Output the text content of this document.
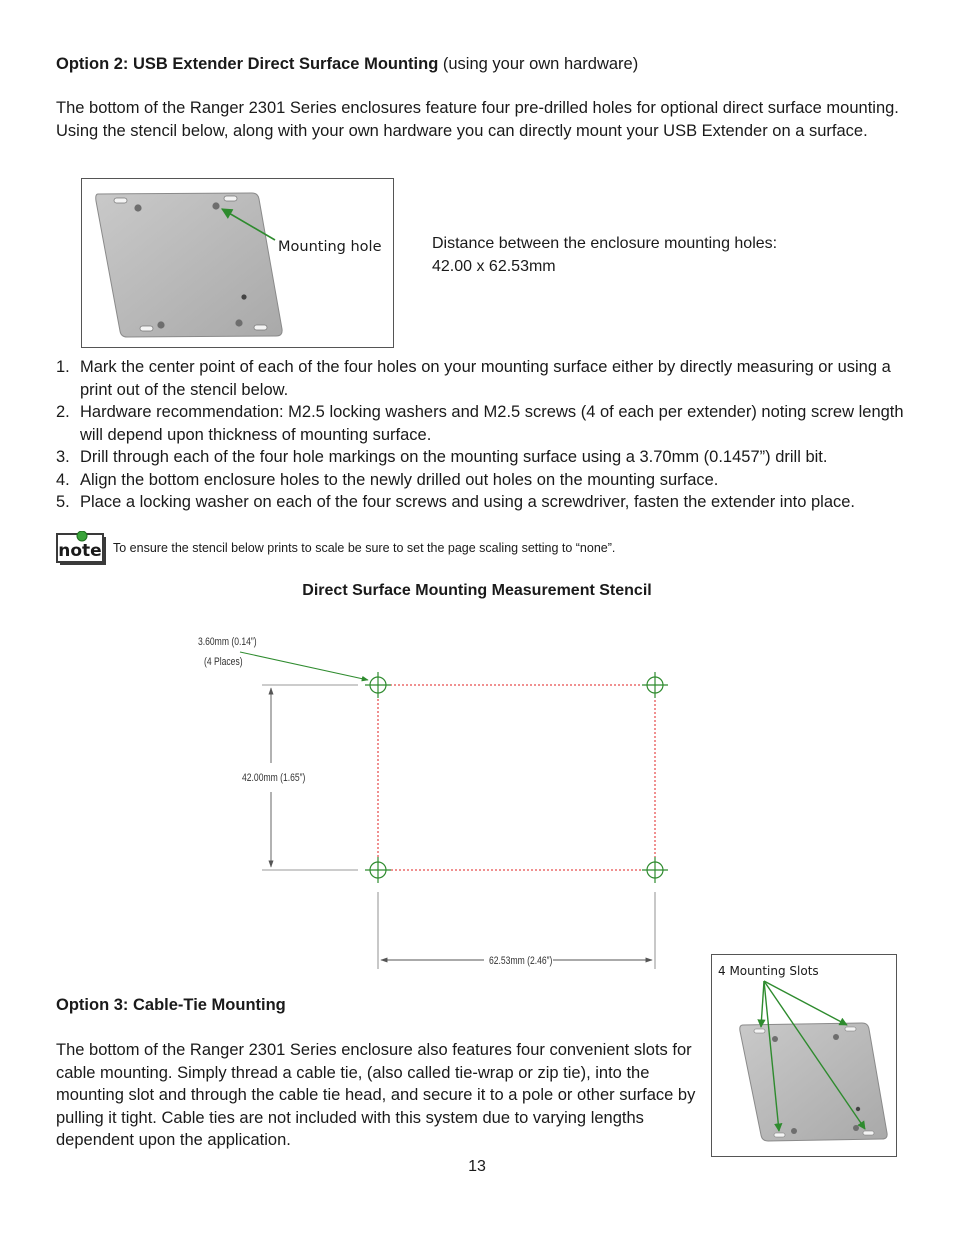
Option 2: USB Extender Direct Surface Mounting (using your own hardware)
The bottom of the Ranger 2301 Series enclosures feature four pre-drilled holes for optional direct surface mounting. Using the stencil below, along with your own hardware you can directly mount your USB Extender on a surface.
Mounting hole	Distance between the enclosure mounting holes:
42.00 x 62.53mm
1. Mark the center point of each of the four holes on your mounting surface either by directly measuring or using a print out of the stencil below.
2. Hardware recommendation: M2.5 locking washers and M2.5 screws (4 of each per extender) noting screw length will depend upon thickness of mounting surface.
3. Drill through each of the four hole markings on the mounting surface using a 3.70mm (0.1457”) drill bit.
4. Align the bottom enclosure holes to the newly drilled out holes on the mounting surface.
5. Place a locking washer on each of the four screws and using a screwdriver, fasten the extender into place.
note To ensure the stencil below prints to scale be sure to set the page scaling setting to “none”.
Direct Surface Mounting Measurement Stencil
3.60mm (0.14”)
(4 Places)
42.00mm (1.65”)
62.53mm (2.46”)
Option 3: Cable-Tie Mounting
The bottom of the Ranger 2301 Series enclosure also features four convenient slots for cable mounting. Simply thread a cable tie, (also called tie-wrap or zip tie), into the mounting slot and through the cable tie head, and secure it to a pole or other surface by pulling it tight. Cable ties are not included with this system due to varying lengths dependent upon the application.
4 Mounting Slots
13
